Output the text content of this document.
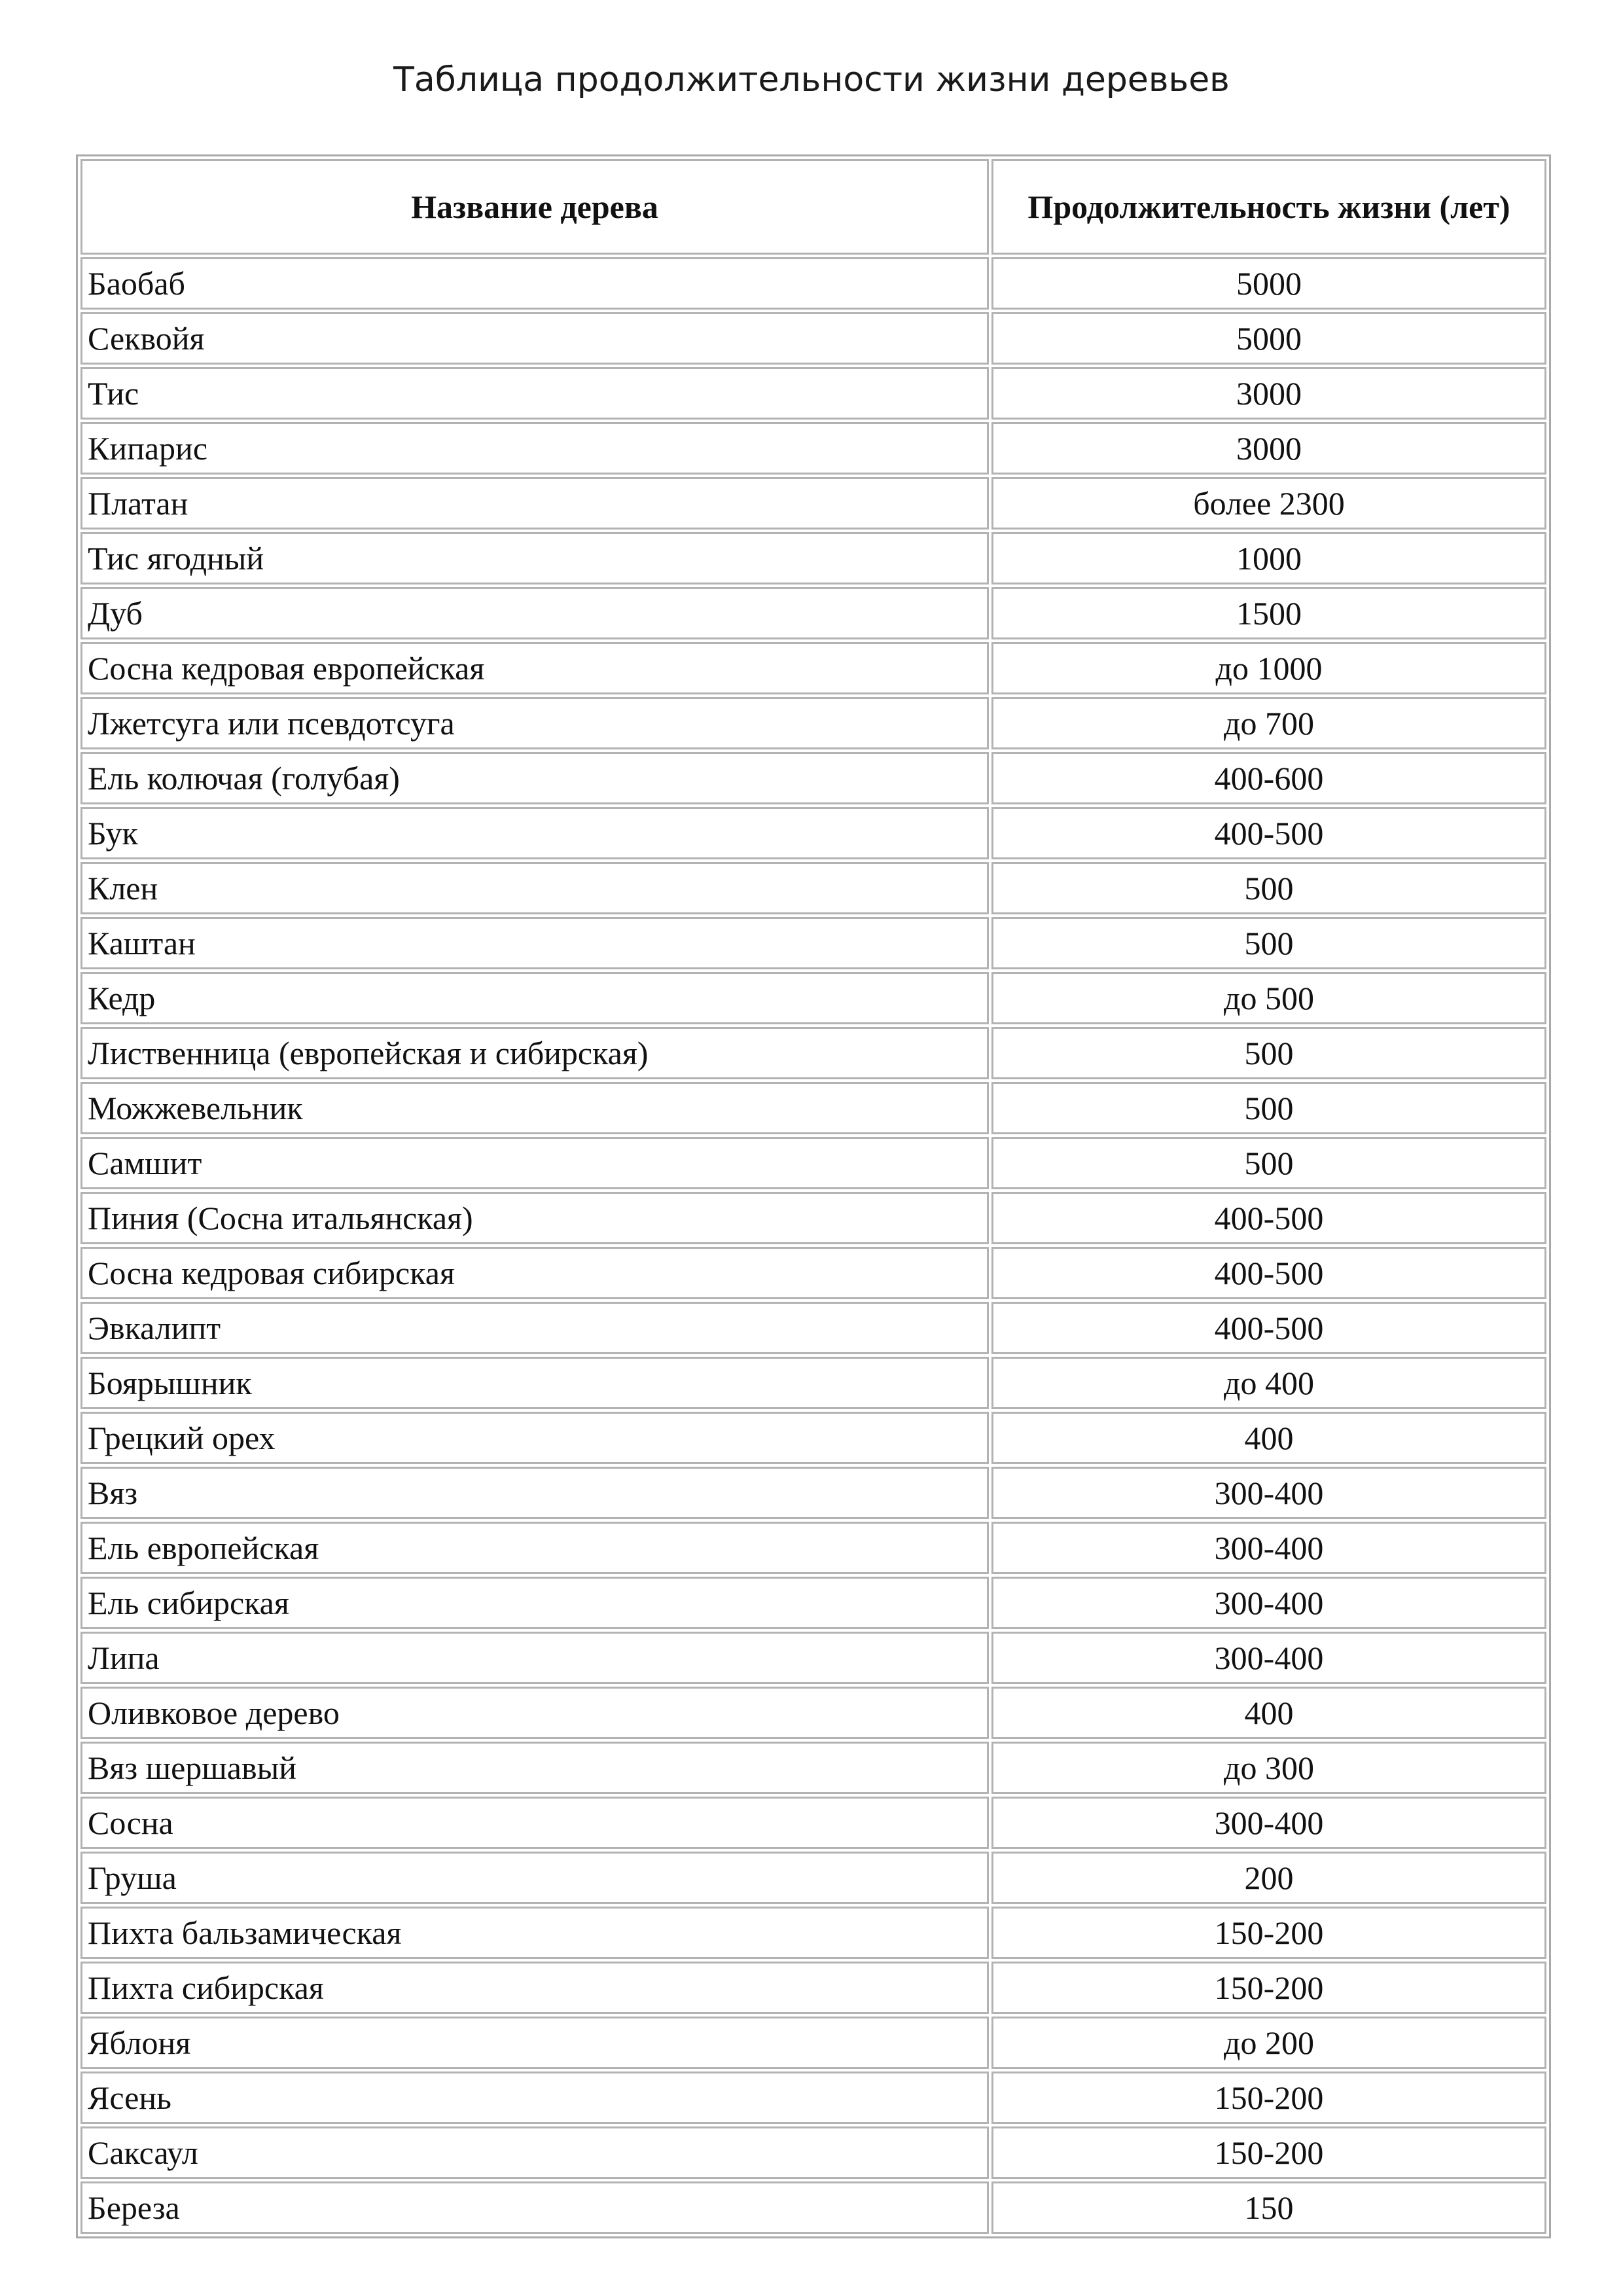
Таблица продолжительности жизни деревьев
Название дерева	Продолжительность жизни (лет)
Баобаб	5000
Секвойя	5000
Тис	3000
Кипарис	3000
Платан	более 2300
Тис ягодный	1000
Дуб	1500
Сосна кедровая европейская	до 1000
Лжетсуга или псевдотсуга	до 700
Ель колючая (голубая)	400-600
Бук	400-500
Клен	500
Каштан	500
Кедр	до 500
Лиственница (европейская и сибирская)	500
Можжевельник	500
Самшит	500
Пиния (Сосна итальянская)	400-500
Сосна кедровая сибирская	400-500
Эвкалипт	400-500
Боярышник	до 400
Грецкий орех	400
Вяз	300-400
Ель европейская	300-400
Ель сибирская	300-400
Липа	300-400
Оливковое дерево	400
Вяз шершавый	до 300
Сосна	300-400
Груша	200
Пихта бальзамическая	150-200
Пихта сибирская	150-200
Яблоня	до 200
Ясень	150-200
Саксаул	150-200
Береза	150
